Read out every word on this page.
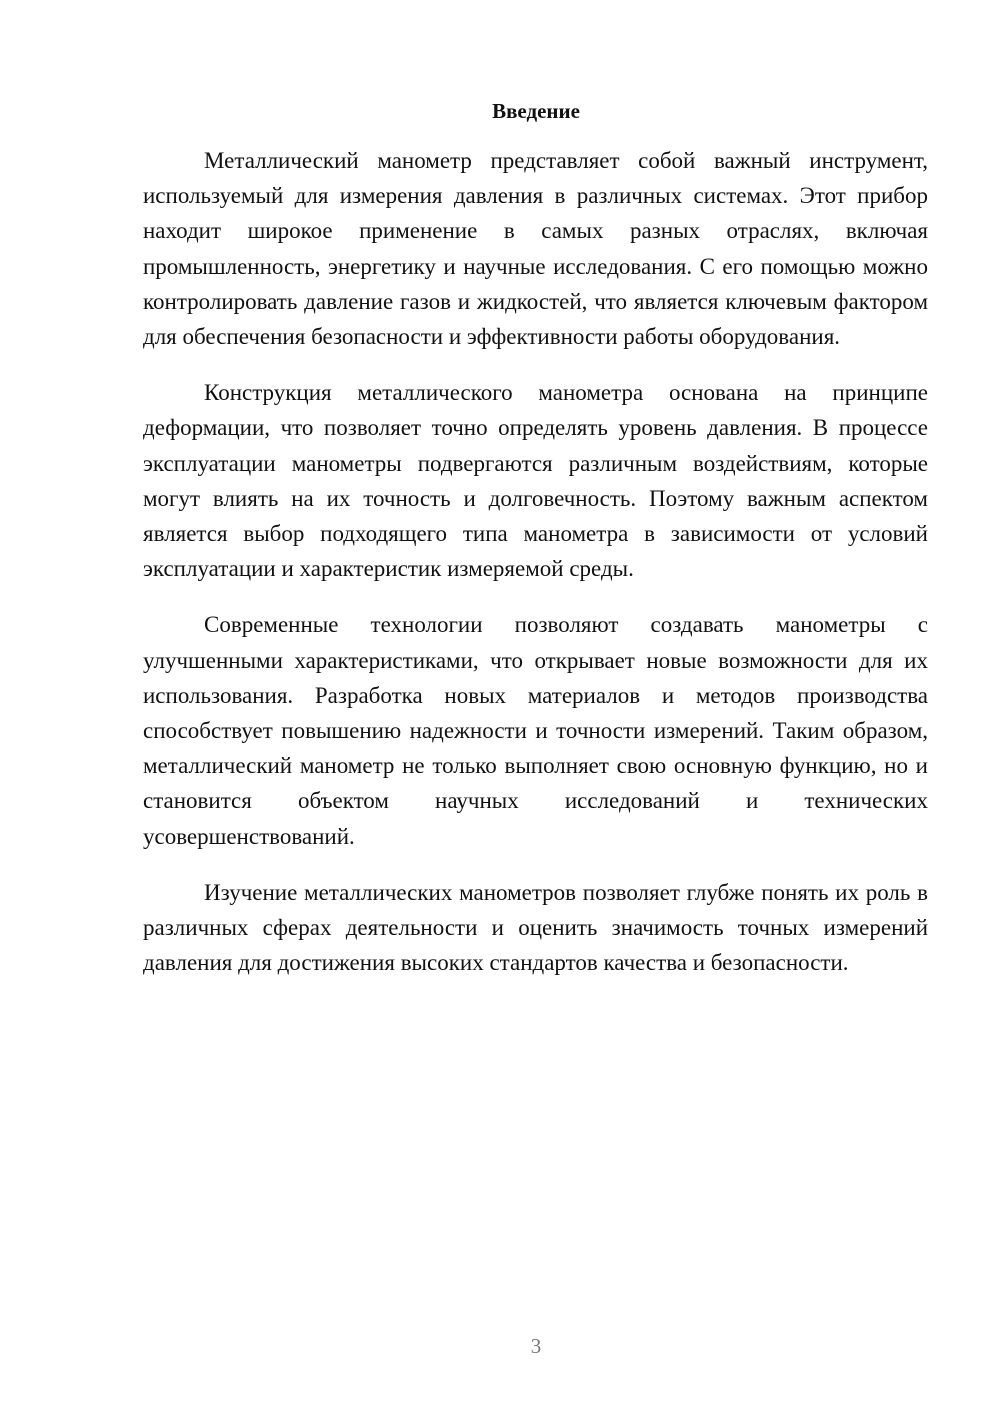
Введение

Металлический манометр представляет собой важный инструмент, используемый для измерения давления в различных системах. Этот прибор находит широкое применение в самых разных отраслях, включая промышленность, энергетику и научные исследования. С его помощью можно контролировать давление газов и жидкостей, что является ключевым фактором для обеспечения безопасности и эффективности работы оборудования.

Конструкция металлического манометра основана на принципе деформации, что позволяет точно определять уровень давления. В процессе эксплуатации манометры подвергаются различным воздействиям, которые могут влиять на их точность и долговечность. Поэтому важным аспектом является выбор подходящего типа манометра в зависимости от условий эксплуатации и характеристик измеряемой среды.

Современные технологии позволяют создавать манометры с улучшенными характеристиками, что открывает новые возможности для их использования. Разработка новых материалов и методов производства способствует повышению надежности и точности измерений. Таким образом, металлический манометр не только выполняет свою основную функцию, но и становится объектом научных исследований и технических усовершенствований.

Изучение металлических манометров позволяет глубже понять их роль в различных сферах деятельности и оценить значимость точных измерений давления для достижения высоких стандартов качества и безопасности.

3
